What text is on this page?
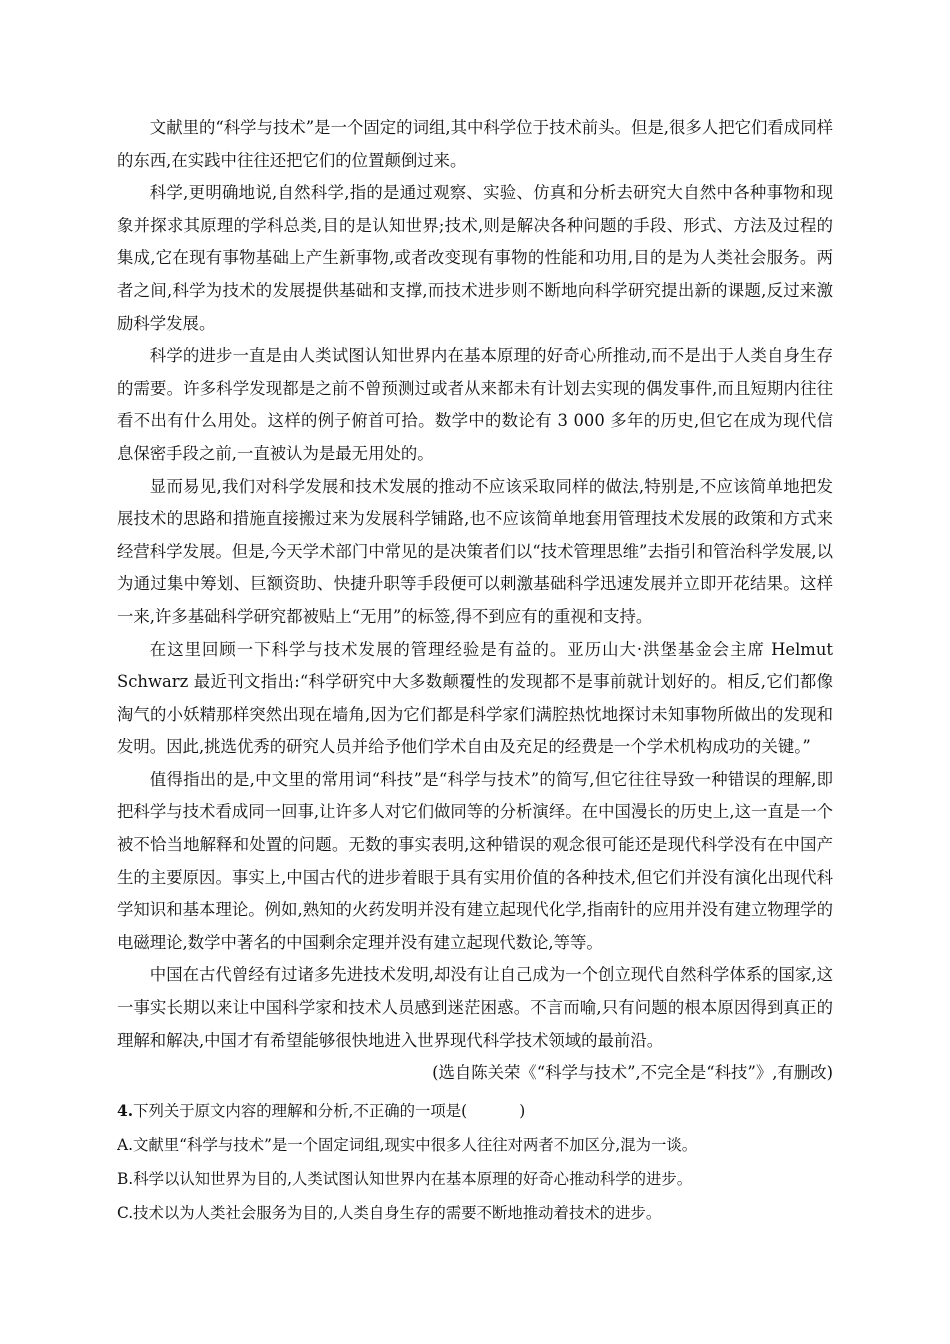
文献里的“科学与技术”是一个固定的词组,其中科学位于技术前头。但是,很多人把它们看成同样的东西,在实践中往往还把它们的位置颠倒过来。

科学,更明确地说,自然科学,指的是通过观察、实验、仿真和分析去研究大自然中各种事物和现象并探求其原理的学科总类,目的是认知世界;技术,则是解决各种问题的手段、形式、方法及过程的集成,它在现有事物基础上产生新事物,或者改变现有事物的性能和功用,目的是为人类社会服务。两者之间,科学为技术的发展提供基础和支撑,而技术进步则不断地向科学研究提出新的课题,反过来激励科学发展。

科学的进步一直是由人类试图认知世界内在基本原理的好奇心所推动,而不是出于人类自身生存的需要。许多科学发现都是之前不曾预测过或者从来都未有计划去实现的偶发事件,而且短期内往往看不出有什么用处。这样的例子俯首可拾。数学中的数论有 3 000 多年的历史,但它在成为现代信息保密手段之前,一直被认为是最无用处的。

显而易见,我们对科学发展和技术发展的推动不应该采取同样的做法,特别是,不应该简单地把发展技术的思路和措施直接搬过来为发展科学铺路,也不应该简单地套用管理技术发展的政策和方式来经营科学发展。但是,今天学术部门中常见的是决策者们以“技术管理思维”去指引和管治科学发展,以为通过集中筹划、巨额资助、快捷升职等手段便可以刺激基础科学迅速发展并立即开花结果。这样一来,许多基础科学研究都被贴上“无用”的标签,得不到应有的重视和支持。

在这里回顾一下科学与技术发展的管理经验是有益的。亚历山大·洪堡基金会主席 Helmut Schwarz 最近刊文指出:“科学研究中大多数颠覆性的发现都不是事前就计划好的。相反,它们都像淘气的小妖精那样突然出现在墙角,因为它们都是科学家们满腔热忱地探讨未知事物所做出的发现和发明。因此,挑选优秀的研究人员并给予他们学术自由及充足的经费是一个学术机构成功的关键。”

值得指出的是,中文里的常用词“科技”是“科学与技术”的简写,但它往往导致一种错误的理解,即把科学与技术看成同一回事,让许多人对它们做同等的分析演绎。在中国漫长的历史上,这一直是一个被不恰当地解释和处置的问题。无数的事实表明,这种错误的观念很可能还是现代科学没有在中国产生的主要原因。事实上,中国古代的进步着眼于具有实用价值的各种技术,但它们并没有演化出现代科学知识和基本理论。例如,熟知的火药发明并没有建立起现代化学,指南针的应用并没有建立物理学的电磁理论,数学中著名的中国剩余定理并没有建立起现代数论,等等。

中国在古代曾经有过诸多先进技术发明,却没有让自己成为一个创立现代自然科学体系的国家,这一事实长期以来让中国科学家和技术人员感到迷茫困惑。不言而喻,只有问题的根本原因得到真正的理解和解决,中国才有希望能够很快地进入世界现代科学技术领域的最前沿。

(选自陈关荣《“科学与技术”,不完全是“科技”》,有删改)

4.下列关于原文内容的理解和分析,不正确的一项是(	)

A.文献里“科学与技术”是一个固定词组,现实中很多人往往对两者不加区分,混为一谈。

B.科学以认知世界为目的,人类试图认知世界内在基本原理的好奇心推动科学的进步。

C.技术以为人类社会服务为目的,人类自身生存的需要不断地推动着技术的进步。
